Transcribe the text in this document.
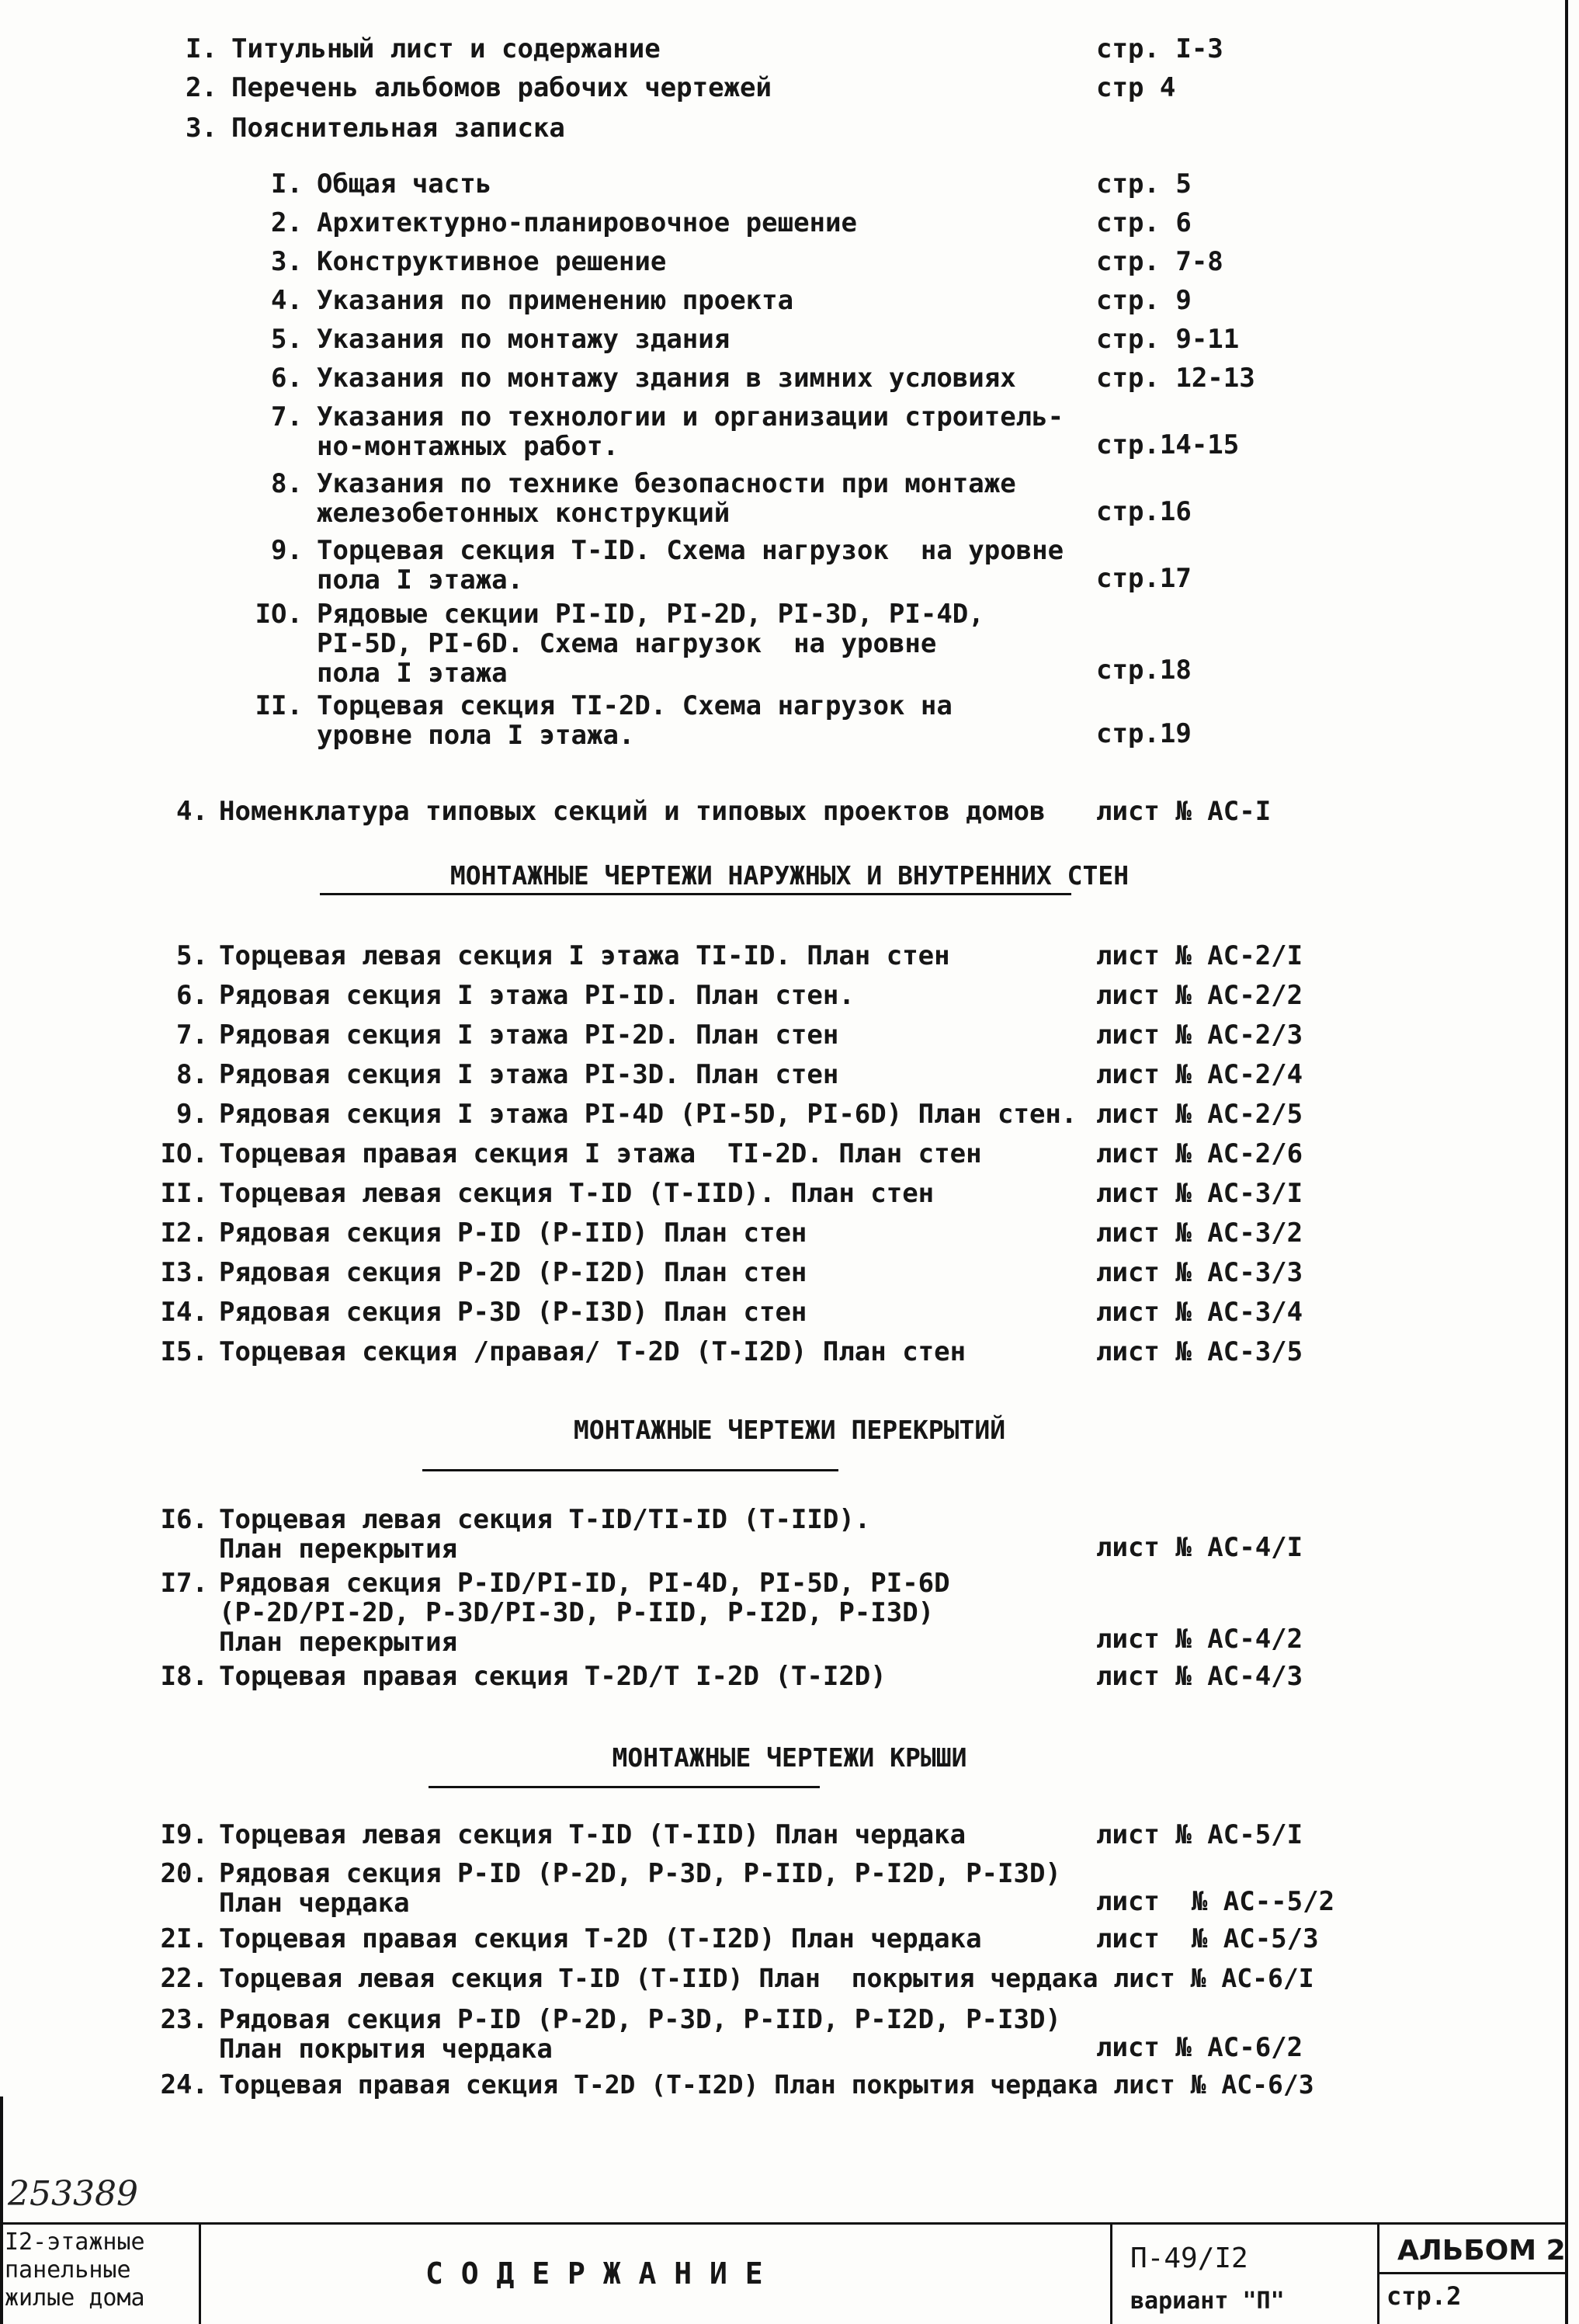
I. Титульный лист и содержание	стр. I-3
2. Перечень альбомов рабочих чертежей	стр 4
3. Пояснительная записка
I. Общая часть	стр. 5
2. Архитектурно-планировочное решение	стр. 6
3. Конструктивное решение	стр. 7-8
4. Указания по применению проекта	стр. 9
5. Указания по монтажу здания	стр. 9-11
6. Указания по монтажу здания в зимних условиях	стр. 12-13
7. Указания по технологии и организации строитель-
но-монтажных работ.	стр.14-15
8. Указания по технике безопасности при монтаже
железобетонных конструкций	стр.16
9. Торцевая секция Т-ID. Схема нагрузок  на уровне
пола I этажа.	стр.17
IO. Рядовые секции PI-ID, PI-2D, PI-3D, PI-4D,
PI-5D, PI-6D. Схема нагрузок  на уровне
пола I этажа	стр.18
II. Торцевая секция TI-2D. Схема нагрузок на
уровне пола I этажа.	стр.19
4. Номенклатура типовых секций и типовых проектов домов лист № АС-I
МОНТАЖНЫЕ ЧЕРТЕЖИ НАРУЖНЫХ И ВНУТРЕННИХ СТЕН
5. Торцевая левая секция I этажа TI-ID. План стен	лист № АС-2/I
6. Рядовая секция I этажа PI-ID. План стен.	лист № АС-2/2
7. Рядовая секция I этажа PI-2D. План стен	лист № АС-2/3
8. Рядовая секция I этажа PI-3D. План стен	лист № АС-2/4
9. Рядовая секция I этажа PI-4D (PI-5D, PI-6D) План стен. лист № АС-2/5
IO. Торцевая правая секция I этажа  TI-2D. План стен	лист № АС-2/6
II. Торцевая левая секция Т-ID (Т-IID). План стен	лист № АС-3/I
I2. Рядовая секция Р-ID (Р-IID) План стен	лист № АС-3/2
I3. Рядовая секция Р-2D (Р-I2D) План стен	лист № АС-3/3
I4. Рядовая секция Р-3D (Р-I3D) План стен	лист № АС-3/4
I5. Торцевая секция /правая/ Т-2D (Т-I2D) План стен	лист № АС-3/5
МОНТАЖНЫЕ ЧЕРТЕЖИ ПЕРЕКРЫТИЙ
I6. Торцевая левая секция Т-ID/TI-ID (Т-IID).
План перекрытия	лист № АС-4/I
I7. Рядовая секция Р-ID/PI-ID, PI-4D, PI-5D, PI-6D
(Р-2D/PI-2D, Р-3D/PI-3D, Р-IID, Р-I2D, Р-I3D)
План перекрытия	лист № АС-4/2
I8. Торцевая правая секция Т-2D/Т I-2D (Т-I2D)	лист № АС-4/3
МОНТАЖНЫЕ ЧЕРТЕЖИ КРЫШИ
I9. Торцевая левая секция Т-ID (Т-IID) План чердака	лист № АС-5/I
20. Рядовая секция Р-ID (Р-2D, Р-3D, Р-IID, Р-I2D, Р-I3D)
План чердака	лист  № АС--5/2
2I. Торцевая правая секция Т-2D (Т-I2D) План чердака	лист  № АС-5/3
22. Торцевая левая секция Т-ID (Т-IID) План  покрытия чердака лист № АС-6/I
23. Рядовая секция Р-ID (Р-2D, Р-3D, Р-IID, Р-I2D, Р-I3D)
План покрытия чердака	лист № АС-6/2
24. Торцевая правая секция Т-2D (Т-I2D) План покрытия чердака лист № АС-6/3
253389
I2-этажные
панельные
жилые дома
С О Д Е Р Ж А Н И Е	П-49/I2
вариант "П"
АЛЬБОМ 2
стр.2
